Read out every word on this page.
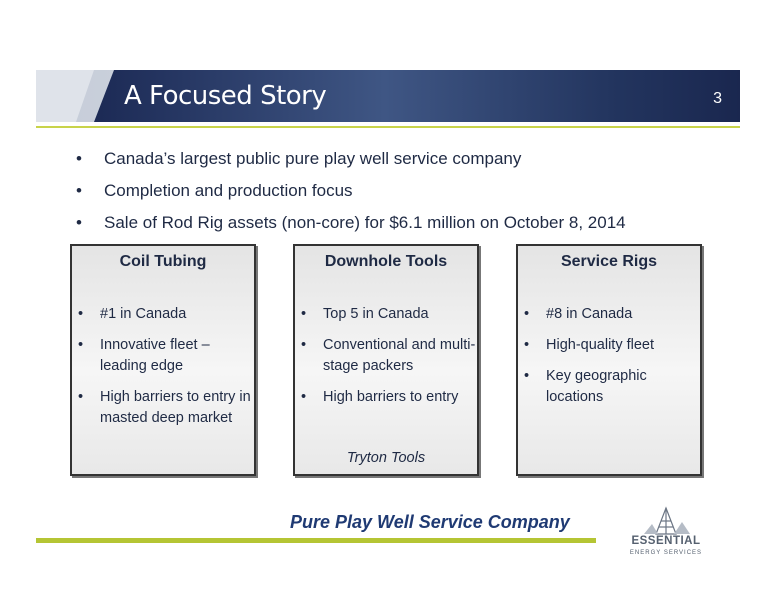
A Focused Story	3
• Canada’s largest public pure play well service company
• Completion and production focus
• Sale of Rod Rig assets (non-core) for $6.1 million on October 8, 2014
Coil Tubing
• #1 in Canada
• Innovative fleet – leading edge
• High barriers to entry in masted deep market
Downhole Tools
• Top 5 in Canada
• Conventional and multi-stage packers
• High barriers to entry
Tryton Tools
Service Rigs
• #8 in Canada
• High-quality fleet
• Key geographic locations
Pure Play Well Service Company
ESSENTIAL
ENERGY SERVICES
